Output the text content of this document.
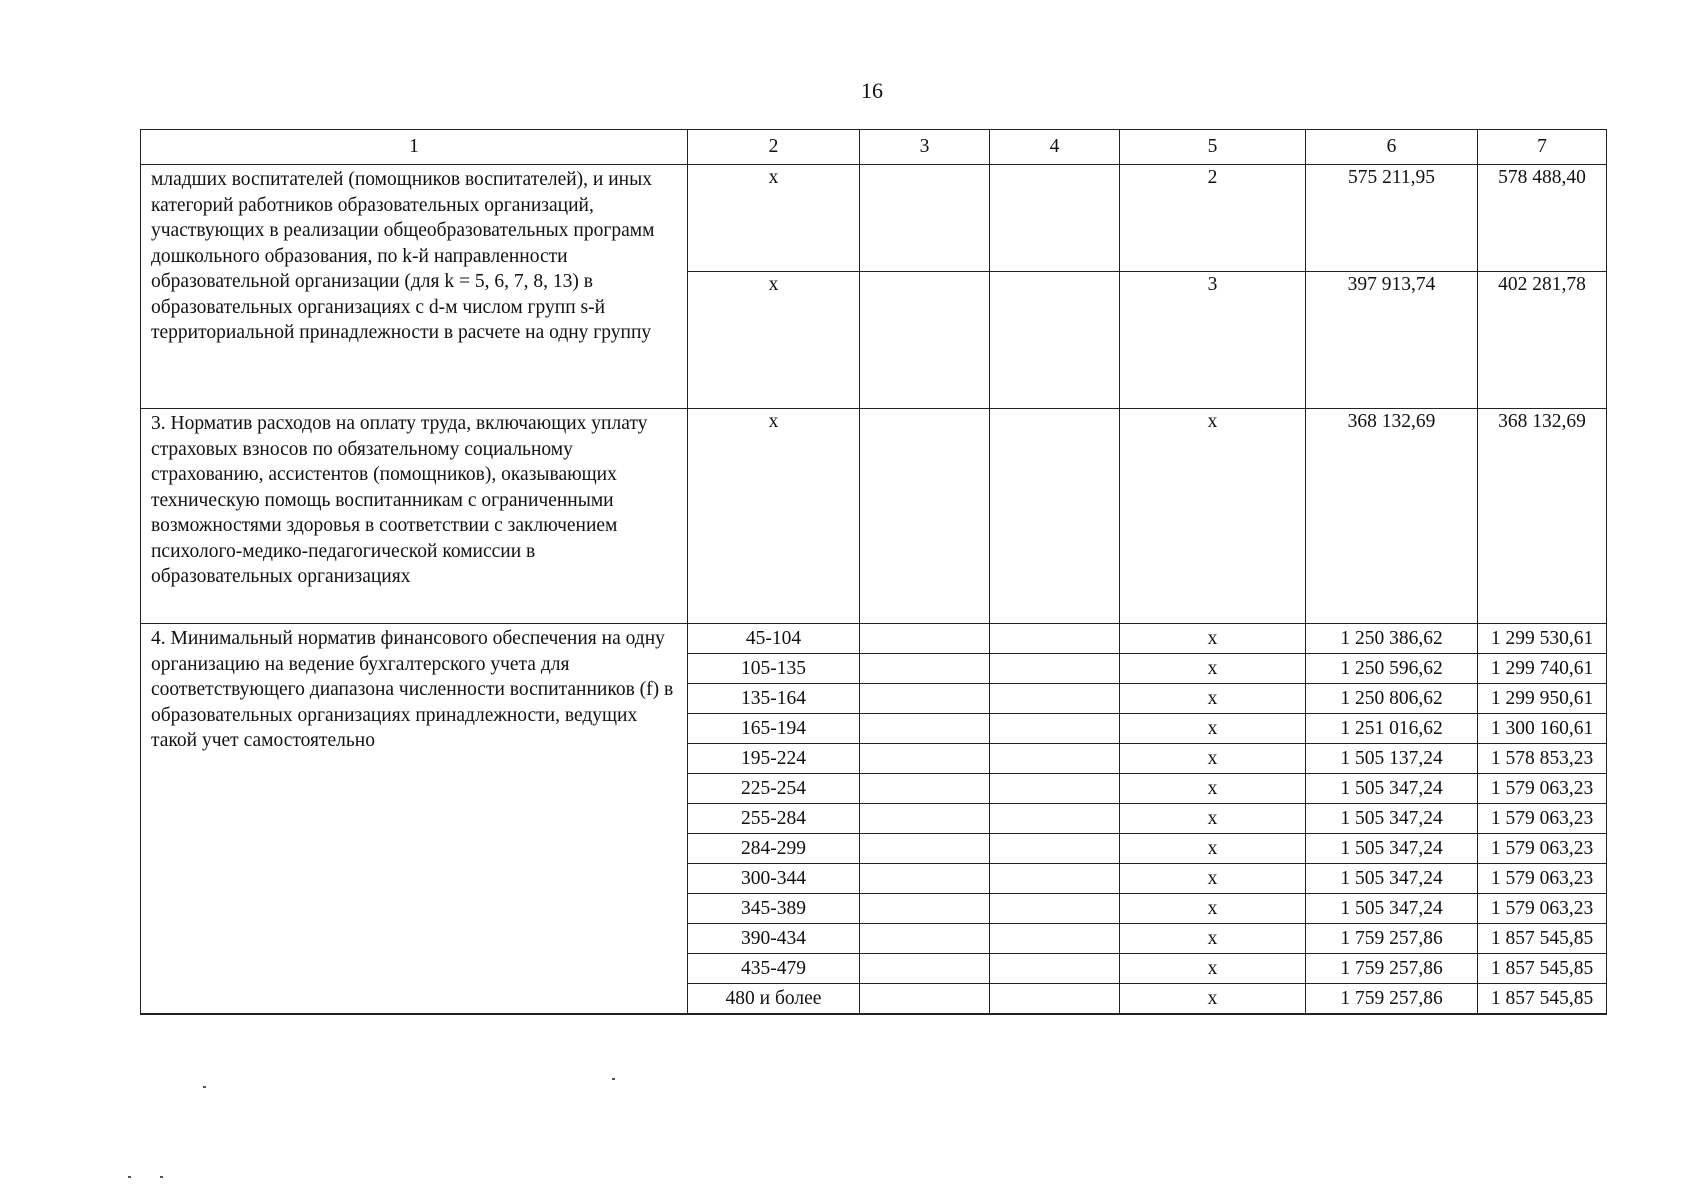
16
1	2	3	4	5	6	7
младших воспитателей (помощников воспитателей), и иных категорий работников образовательных организаций, участвующих в реализации общеобразовательных программ дошкольного образования, по k-й направленности образовательной организации (для k = 5, 6, 7, 8, 13) в образовательных организациях с d-м числом групп s-й территориальной принадлежности в расчете на одну группу	х			2	575 211,95	578 488,40
	х			3	397 913,74	402 281,78
3. Норматив расходов на оплату труда, включающих уплату страховых взносов по обязательному социальному страхованию, ассистентов (помощников), оказывающих техническую помощь воспитанникам с ограниченными возможностями здоровья в соответствии с заключением психолого-медико-педагогической комиссии в образовательных организациях	х			х	368 132,69	368 132,69
4. Минимальный норматив финансового обеспечения на одну организацию на ведение бухгалтерского учета для соответствующего диапазона численности воспитанников (f) в образовательных организациях принадлежности, ведущих такой учет самостоятельно	45-104			х	1 250 386,62	1 299 530,61
	105-135			х	1 250 596,62	1 299 740,61
	135-164			х	1 250 806,62	1 299 950,61
	165-194			х	1 251 016,62	1 300 160,61
	195-224			х	1 505 137,24	1 578 853,23
	225-254			х	1 505 347,24	1 579 063,23
	255-284			х	1 505 347,24	1 579 063,23
	284-299			х	1 505 347,24	1 579 063,23
	300-344			х	1 505 347,24	1 579 063,23
	345-389			х	1 505 347,24	1 579 063,23
	390-434			х	1 759 257,86	1 857 545,85
	435-479			х	1 759 257,86	1 857 545,85
	480 и более			х	1 759 257,86	1 857 545,85
